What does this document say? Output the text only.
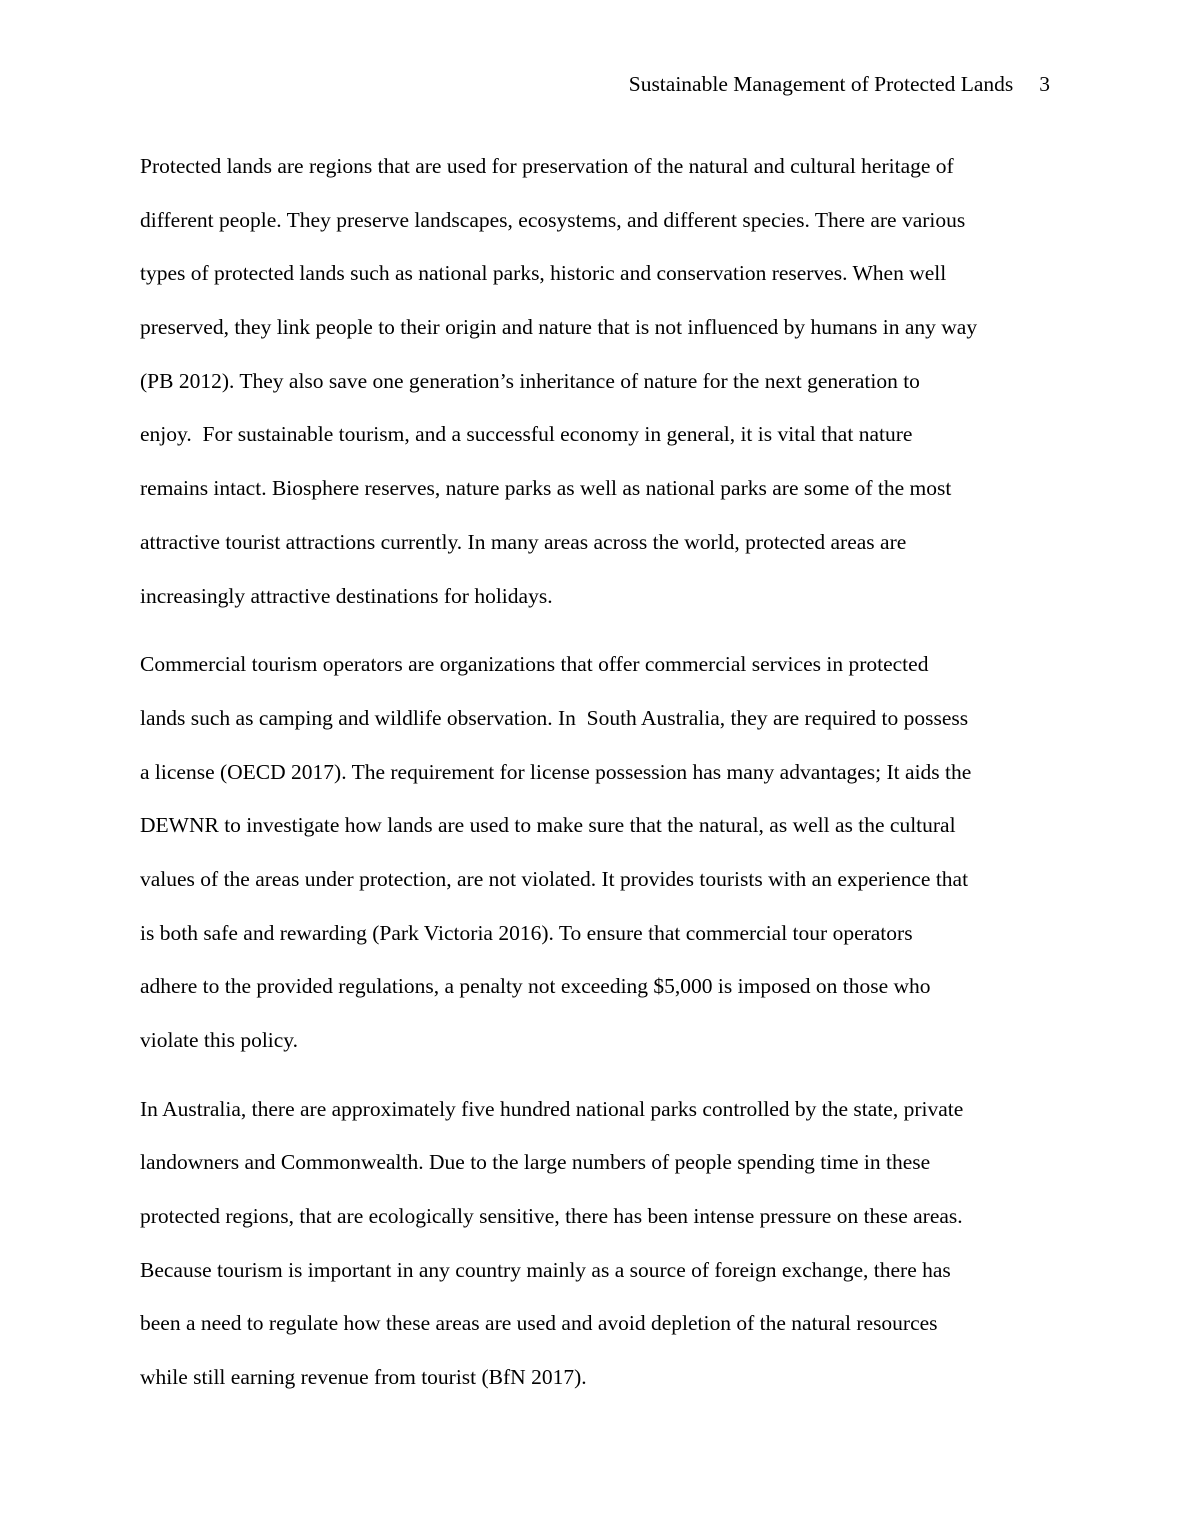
Sustainable Management of Protected Lands 3

Protected lands are regions that are used for preservation of the natural and cultural heritage of
different people. They preserve landscapes, ecosystems, and different species. There are various
types of protected lands such as national parks, historic and conservation reserves. When well
preserved, they link people to their origin and nature that is not influenced by humans in any way
(PB 2012). They also save one generation’s inheritance of nature for the next generation to
enjoy.  For sustainable tourism, and a successful economy in general, it is vital that nature
remains intact. Biosphere reserves, nature parks as well as national parks are some of the most
attractive tourist attractions currently. In many areas across the world, protected areas are
increasingly attractive destinations for holidays.

Commercial tourism operators are organizations that offer commercial services in protected
lands such as camping and wildlife observation. In  South Australia, they are required to possess
a license (OECD 2017). The requirement for license possession has many advantages; It aids the
DEWNR to investigate how lands are used to make sure that the natural, as well as the cultural
values of the areas under protection, are not violated. It provides tourists with an experience that
is both safe and rewarding (Park Victoria 2016). To ensure that commercial tour operators
adhere to the provided regulations, a penalty not exceeding $5,000 is imposed on those who
violate this policy.

In Australia, there are approximately five hundred national parks controlled by the state, private
landowners and Commonwealth. Due to the large numbers of people spending time in these
protected regions, that are ecologically sensitive, there has been intense pressure on these areas.
Because tourism is important in any country mainly as a source of foreign exchange, there has
been a need to regulate how these areas are used and avoid depletion of the natural resources
while still earning revenue from tourist (BfN 2017).
